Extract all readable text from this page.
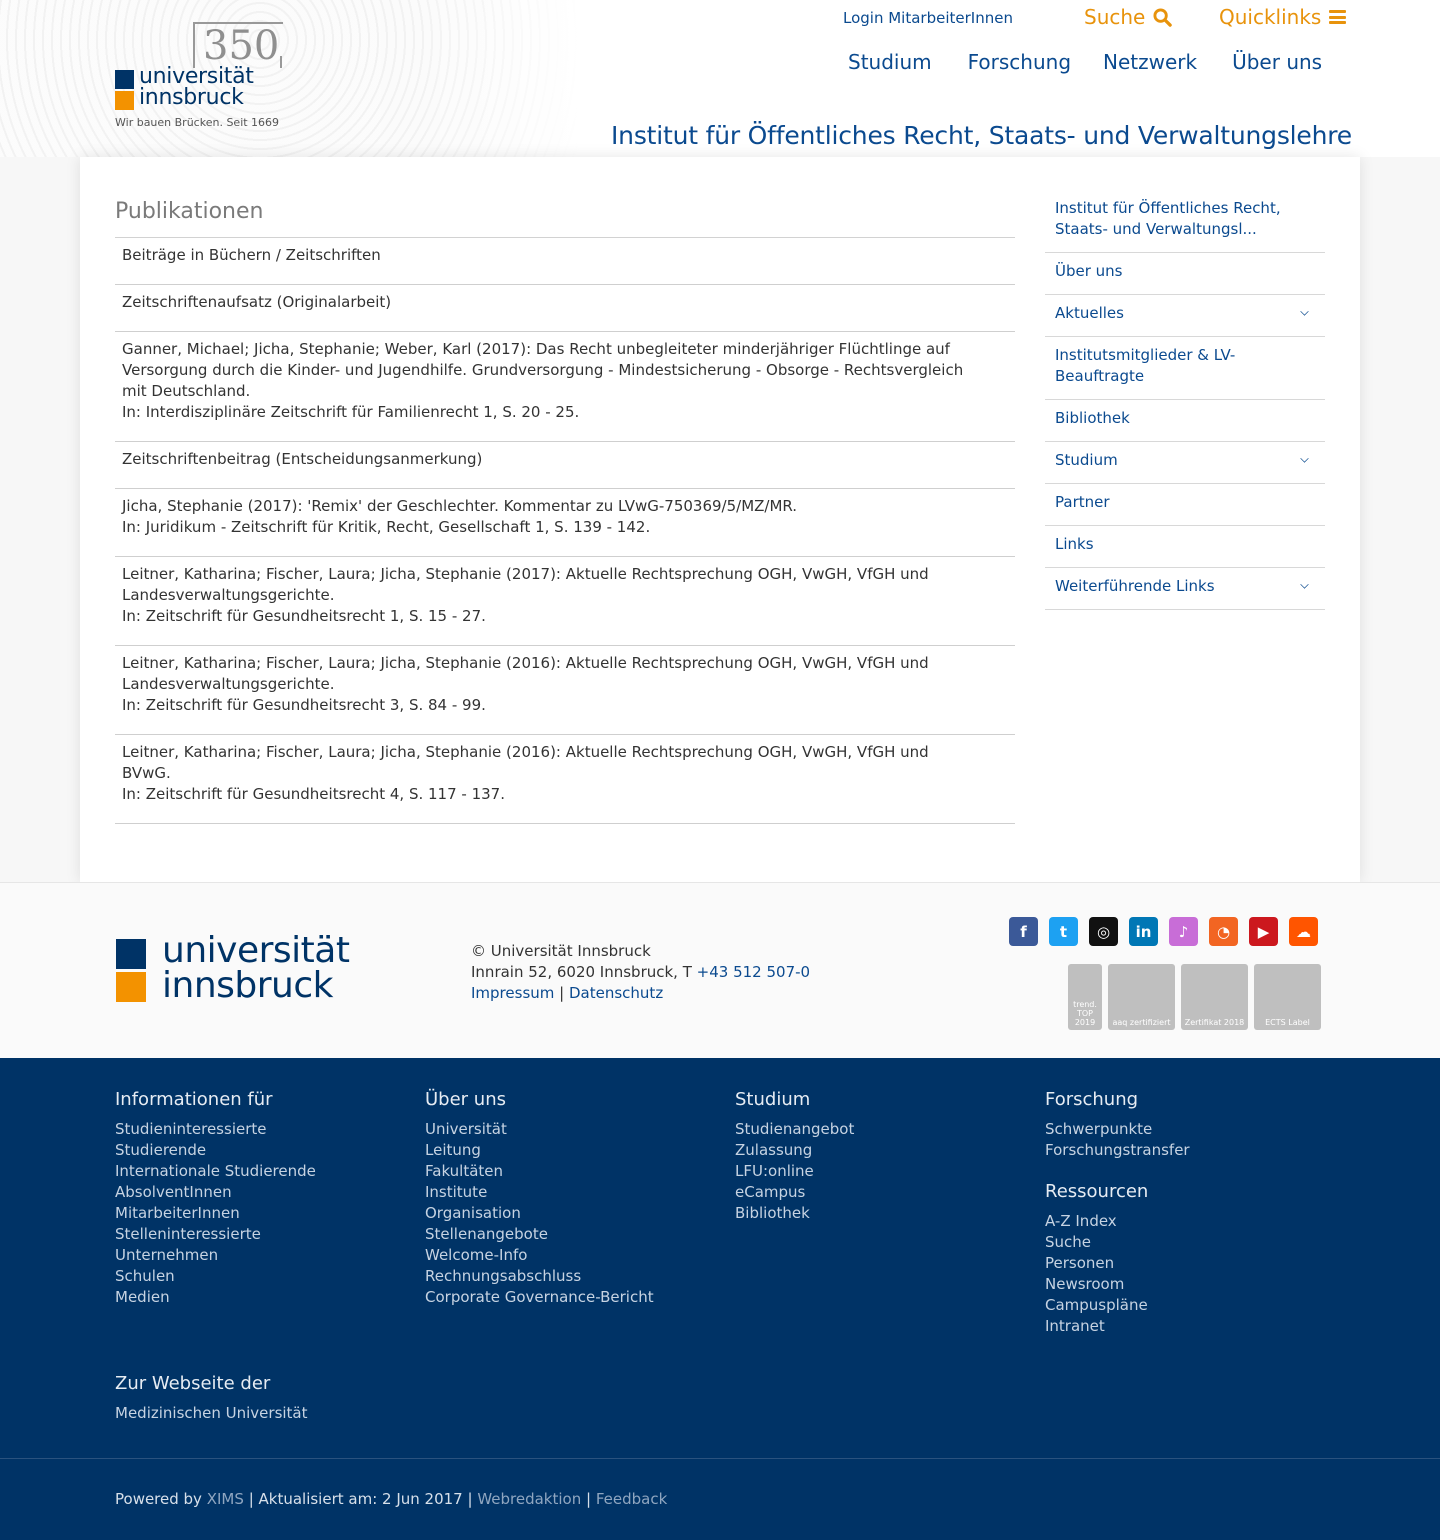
350
universität
innsbruck
Wir bauen Brücken. Seit 1669
Login MitarbeiterInnen	Suche	Quicklinks
Studium Forschung Netzwerk Über uns
Institut für Öffentliches Recht, Staats- und Verwaltungslehre
Publikationen
Beiträge in Büchern / Zeitschriften
Zeitschriftenaufsatz (Originalarbeit)
Ganner, Michael; Jicha, Stephanie; Weber, Karl (2017): Das Recht unbegleiteter minderjähriger Flüchtlinge auf Versorgung durch die Kinder- und Jugendhilfe. Grundversorgung - Mindestsicherung - Obsorge - Rechtsvergleich mit Deutschland.
In: Interdisziplinäre Zeitschrift für Familienrecht 1, S. 20 - 25.
Zeitschriftenbeitrag (Entscheidungsanmerkung)
Jicha, Stephanie (2017): 'Remix' der Geschlechter. Kommentar zu LVwG-750369/5/MZ/MR.
In: Juridikum - Zeitschrift für Kritik, Recht, Gesellschaft 1, S. 139 - 142.
Leitner, Katharina; Fischer, Laura; Jicha, Stephanie (2017): Aktuelle Rechtsprechung OGH, VwGH, VfGH und Landesverwaltungsgerichte.
In: Zeitschrift für Gesundheitsrecht 1, S. 15 - 27.
Leitner, Katharina; Fischer, Laura; Jicha, Stephanie (2016): Aktuelle Rechtsprechung OGH, VwGH, VfGH und Landesverwaltungsgerichte.
In: Zeitschrift für Gesundheitsrecht 3, S. 84 - 99.
Leitner, Katharina; Fischer, Laura; Jicha, Stephanie (2016): Aktuelle Rechtsprechung OGH, VwGH, VfGH und BVwG.
In: Zeitschrift für Gesundheitsrecht 4, S. 117 - 137.
Institut für Öffentliches Recht, Staats- und Verwaltungsl...
Über uns
Aktuelles
Institutsmitglieder & LV-Beauftragte
Bibliothek
Studium
Partner
Links
Weiterführende Links
universität
innsbruck
© Universität Innsbruck
Innrain 52, 6020 Innsbruck, T +43 512 507-0
Impressum | Datenschutz
f	t	◎	in	♪	◔	▶	☁
trend. TOP 2019	aaq zertifiziert	Zertifikat 2018	ECTS Label
Informationen für
Studieninteressierte
Studierende
Internationale Studierende
AbsolventInnen
MitarbeiterInnen
Stelleninteressierte
Unternehmen
Schulen
Medien
Über uns
Universität
Leitung
Fakultäten
Institute
Organisation
Stellenangebote
Welcome-Info
Rechnungsabschluss
Corporate Governance-Bericht
Studium
Studienangebot
Zulassung
LFU:online
eCampus
Bibliothek
Forschung
Schwerpunkte
Forschungstransfer
Ressourcen
A-Z Index
Suche
Personen
Newsroom
Campuspläne
Intranet
Zur Webseite der
Medizinischen Universität
Powered by XIMS | Aktualisiert am: 2 Jun 2017 | Webredaktion | Feedback
